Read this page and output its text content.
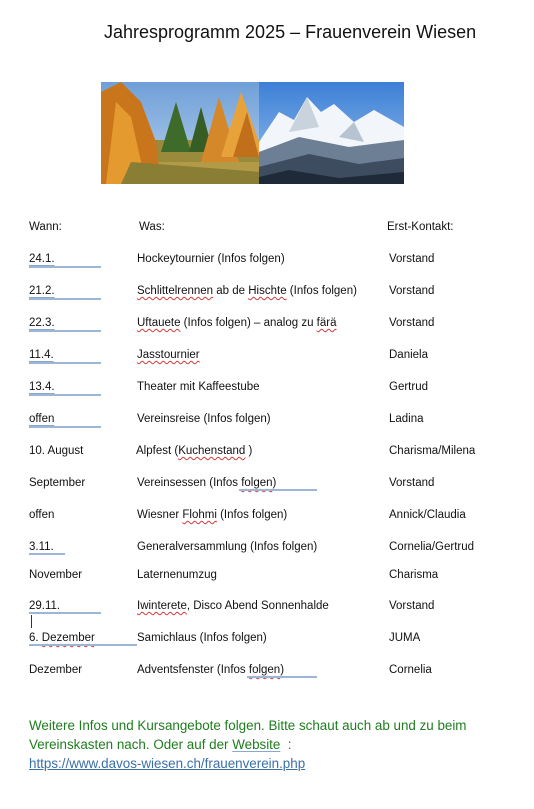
Jahresprogramm 2025 – Frauenverein Wiesen
Wann:	Was:	Erst-Kontakt:
24.1.	Hockeytournier (Infos folgen)	Vorstand
21.2.	Schlittelrennen ab de Hischte (Infos folgen)	Vorstand
22.3.	Uftauete (Infos folgen) – analog zu färä	Vorstand
11.4.	Jasstournier	Daniela
13.4.	Theater mit Kaffeestube	Gertrud
offen	Vereinsreise (Infos folgen)	Ladina
10. August	Alpfest (Kuchenstand )	Charisma/Milena
September	Vereinsessen (Infos folgen)	Vorstand
offen	Wiesner Flohmi (Infos folgen)	Annick/Claudia
3.11.	Generalversammlung (Infos folgen)	Cornelia/Gertrud
November	Laternenumzug	Charisma
29.11.	Iwinterete, Disco Abend Sonnenhalde	Vorstand
6. Dezember	Samichlaus (Infos folgen)	JUMA
Dezember	Adventsfenster (Infos folgen)	Cornelia
Weitere Infos und Kursangebote folgen. Bitte schaut auch ab und zu beim Vereinskasten nach. Oder auf der Website  :
https://www.davos-wiesen.ch/frauenverein.php
